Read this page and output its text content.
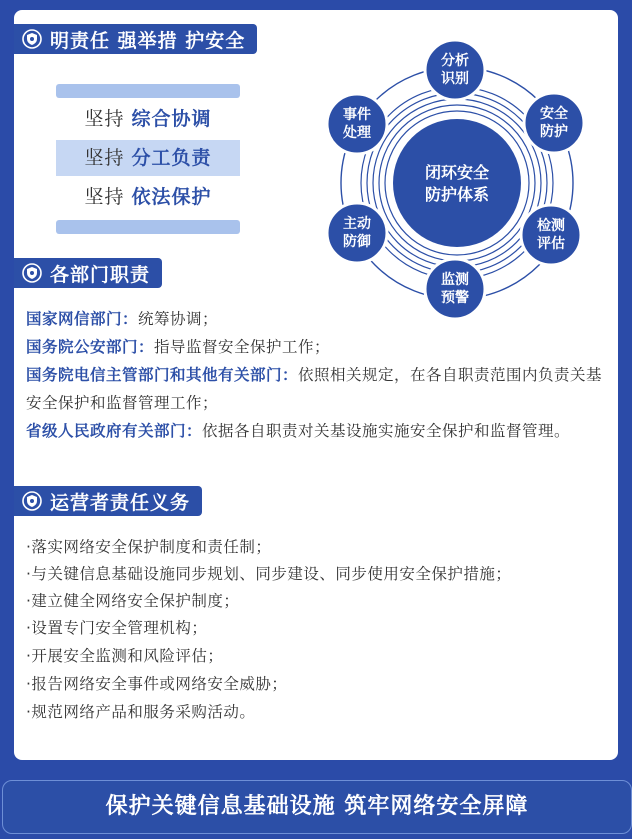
明责任 强举措 护安全
坚持 综合协调
坚持 分工负责
坚持 依法保护
闭环安全
防护体系
分析
识别
安全
防护
检测
评估
监测
预警
主动
防御
事件
处理
各部门职责
国家网信部门：统筹协调；
国务院公安部门：指导监督安全保护工作；
国务院电信主管部门和其他有关部门：依照相关规定，在各自职责范围内负责关基安全保护和监督管理工作；
省级人民政府有关部门：依据各自职责对关基设施实施安全保护和监督管理。
运营者责任义务
·落实网络安全保护制度和责任制；
·与关键信息基础设施同步规划、同步建设、同步使用安全保护措施；
·建立健全网络安全保护制度；
·设置专门安全管理机构；
·开展安全监测和风险评估；
·报告网络安全事件或网络安全威胁；
·规范网络产品和服务采购活动。
保护关键信息基础设施 筑牢网络安全屏障
